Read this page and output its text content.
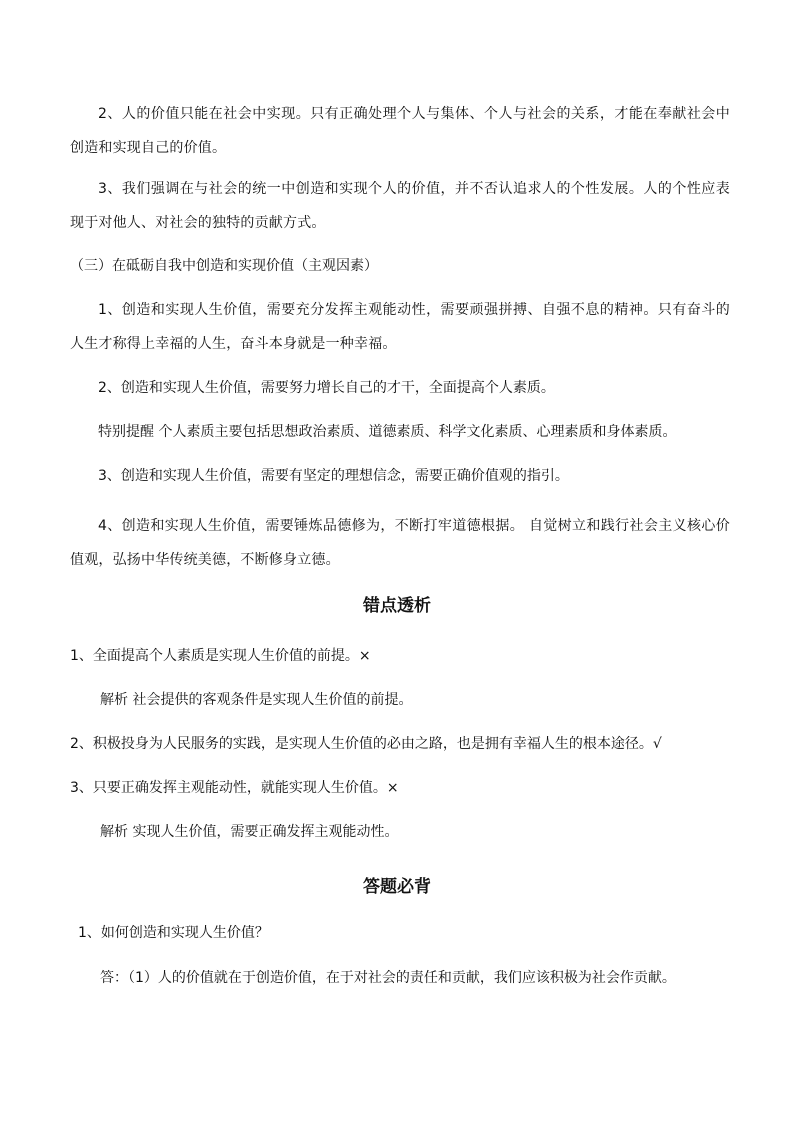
2、人的价值只能在社会中实现。只有正确处理个人与集体、个人与社会的关系，才能在奉献社会中创造和实现自己的价值。

3、我们强调在与社会的统一中创造和实现个人的价值，并不否认追求人的个性发展。人的个性应表现于对他人、对社会的独特的贡献方式。

（三）在砥砺自我中创造和实现价值（主观因素）

1、创造和实现人生价值，需要充分发挥主观能动性，需要顽强拼搏、自强不息的精神。只有奋斗的人生才称得上幸福的人生，奋斗本身就是一种幸福。

2、创造和实现人生价值，需要努力增长自己的才干，全面提高个人素质。

特别提醒 个人素质主要包括思想政治素质、道德素质、科学文化素质、心理素质和身体素质。

3、创造和实现人生价值，需要有坚定的理想信念，需要正确价值观的指引。

4、创造和实现人生价值，需要锤炼品德修为，不断打牢道德根据。 自觉树立和践行社会主义核心价值观，弘扬中华传统美德，不断修身立德。

错点透析

1、全面提高个人素质是实现人生价值的前提。×

解析 社会提供的客观条件是实现人生价值的前提。

2、积极投身为人民服务的实践，是实现人生价值的必由之路，也是拥有幸福人生的根本途径。√

3、只要正确发挥主观能动性，就能实现人生价值。×

解析 实现人生价值，需要正确发挥主观能动性。

答题必背

1、如何创造和实现人生价值？

答：（1）人的价值就在于创造价值，在于对社会的责任和贡献，我们应该积极为社会作贡献。
